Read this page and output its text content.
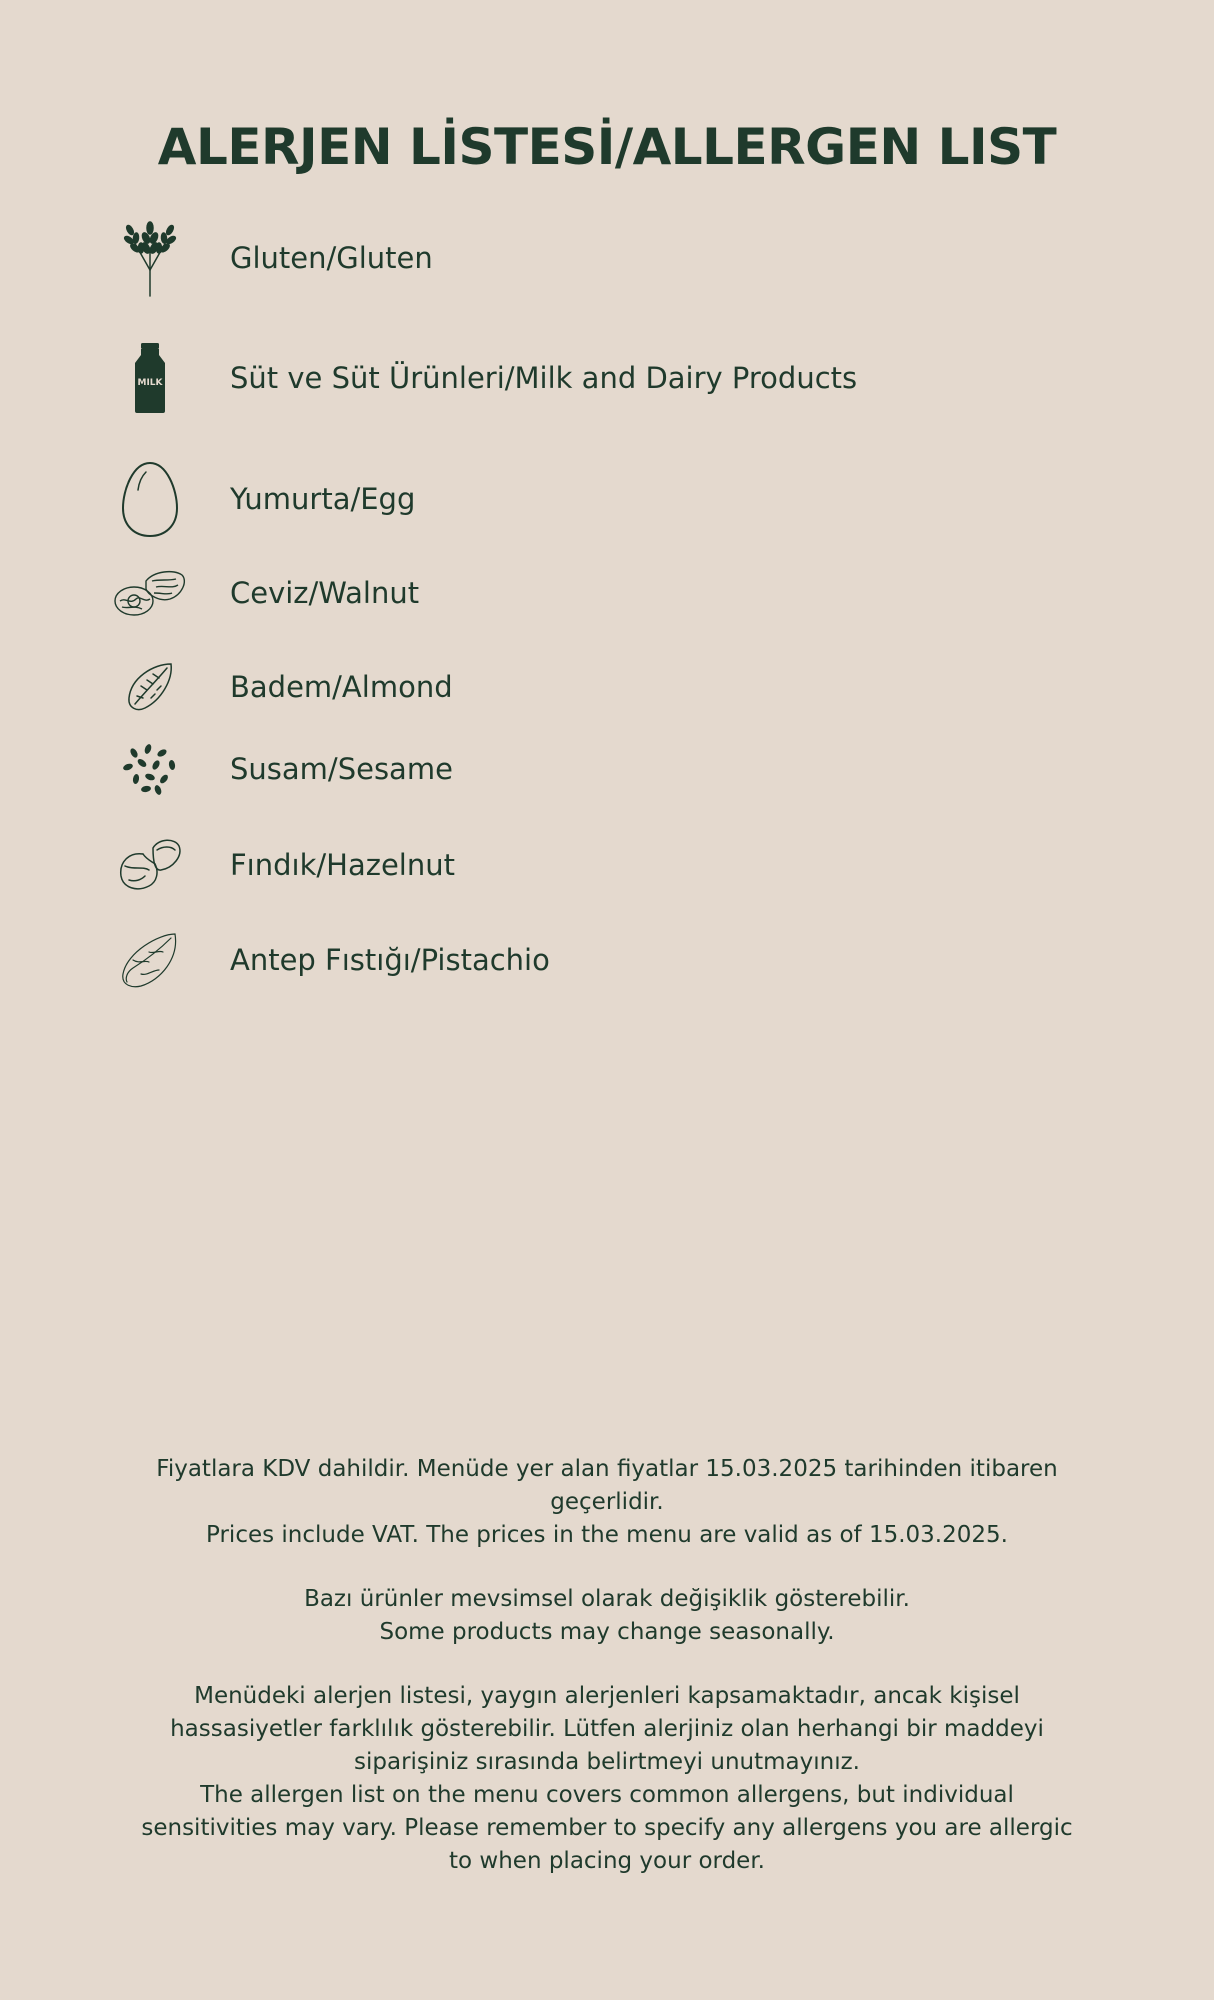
ALERJEN LİSTESİ/ALLERGEN LIST
Gluten/Gluten
MILK Süt ve Süt Ürünleri/Milk and Dairy Products
Yumurta/Egg
Ceviz/Walnut
Badem/Almond
Susam/Sesame
Fındık/Hazelnut
Antep Fıstığı/Pistachio

Fiyatlara KDV dahildir. Menüde yer alan fiyatlar 15.03.2025 tarihinden itibaren geçerlidir.

Prices include VAT. The prices in the menu are valid as of 15.03.2025.

Bazı ürünler mevsimsel olarak değişiklik gösterebilir.

Some products may change seasonally.

Menüdeki alerjen listesi, yaygın alerjenleri kapsamaktadır, ancak kişisel hassasiyetler farklılık gösterebilir. Lütfen alerjiniz olan herhangi bir maddeyi siparişiniz sırasında belirtmeyi unutmayınız.

The allergen list on the menu covers common allergens, but individual sensitivities may vary. Please remember to specify any allergens you are allergic to when placing your order.
